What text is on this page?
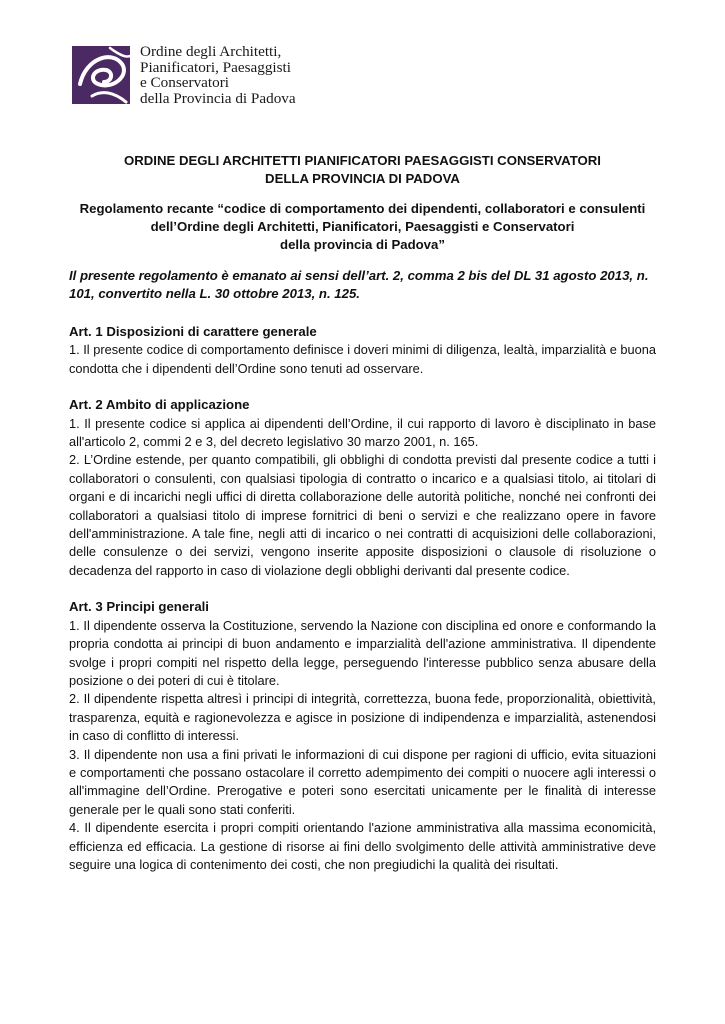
Ordine degli Architetti,
Pianificatori, Paesaggisti
e Conservatori
della Provincia di Padova
ORDINE DEGLI ARCHITETTI PIANIFICATORI PAESAGGISTI CONSERVATORI
DELLA PROVINCIA DI PADOVA
Regolamento recante “codice di comportamento dei dipendenti, collaboratori e consulenti
dell’Ordine degli Architetti, Pianificatori, Paesaggisti e Conservatori
della provincia di Padova”
Il presente regolamento è emanato ai sensi dell’art. 2, comma 2 bis del DL 31 agosto 2013, n. 101, convertito nella L. 30 ottobre 2013, n. 125.
Art. 1 Disposizioni di carattere generale
1. Il presente codice di comportamento definisce i doveri minimi di diligenza, lealtà, imparzialità e buona condotta che i dipendenti dell’Ordine sono tenuti ad osservare.
Art. 2 Ambito di applicazione
1. Il presente codice si applica ai dipendenti dell’Ordine, il cui rapporto di lavoro è disciplinato in base all'articolo 2, commi 2 e 3, del decreto legislativo 30 marzo 2001, n. 165.
2. L’Ordine estende, per quanto compatibili, gli obblighi di condotta previsti dal presente codice a tutti i collaboratori o consulenti, con qualsiasi tipologia di contratto o incarico e a qualsiasi titolo, ai titolari di organi e di incarichi negli uffici di diretta collaborazione delle autorità politiche, nonché nei confronti dei collaboratori a qualsiasi titolo di imprese fornitrici di beni o servizi e che realizzano opere in favore dell'amministrazione. A tale fine, negli atti di incarico o nei contratti di acquisizioni delle collaborazioni, delle consulenze o dei servizi, vengono inserite apposite disposizioni o clausole di risoluzione o decadenza del rapporto in caso di violazione degli obblighi derivanti dal presente codice.
Art. 3 Principi generali
1. Il dipendente osserva la Costituzione, servendo la Nazione con disciplina ed onore e conformando la propria condotta ai principi di buon andamento e imparzialità dell'azione amministrativa. Il dipendente svolge i propri compiti nel rispetto della legge, perseguendo l'interesse pubblico senza abusare della posizione o dei poteri di cui è titolare.
2. Il dipendente rispetta altresì i principi di integrità, correttezza, buona fede, proporzionalità, obiettività, trasparenza, equità e ragionevolezza e agisce in posizione di indipendenza e imparzialità, astenendosi in caso di conflitto di interessi.
3. Il dipendente non usa a fini privati le informazioni di cui dispone per ragioni di ufficio, evita situazioni e comportamenti che possano ostacolare il corretto adempimento dei compiti o nuocere agli interessi o all'immagine dell’Ordine. Prerogative e poteri sono esercitati unicamente per le finalità di interesse generale per le quali sono stati conferiti.
4. Il dipendente esercita i propri compiti orientando l'azione amministrativa alla massima economicità, efficienza ed efficacia. La gestione di risorse ai fini dello svolgimento delle attività amministrative deve seguire una logica di contenimento dei costi, che non pregiudichi la qualità dei risultati.
